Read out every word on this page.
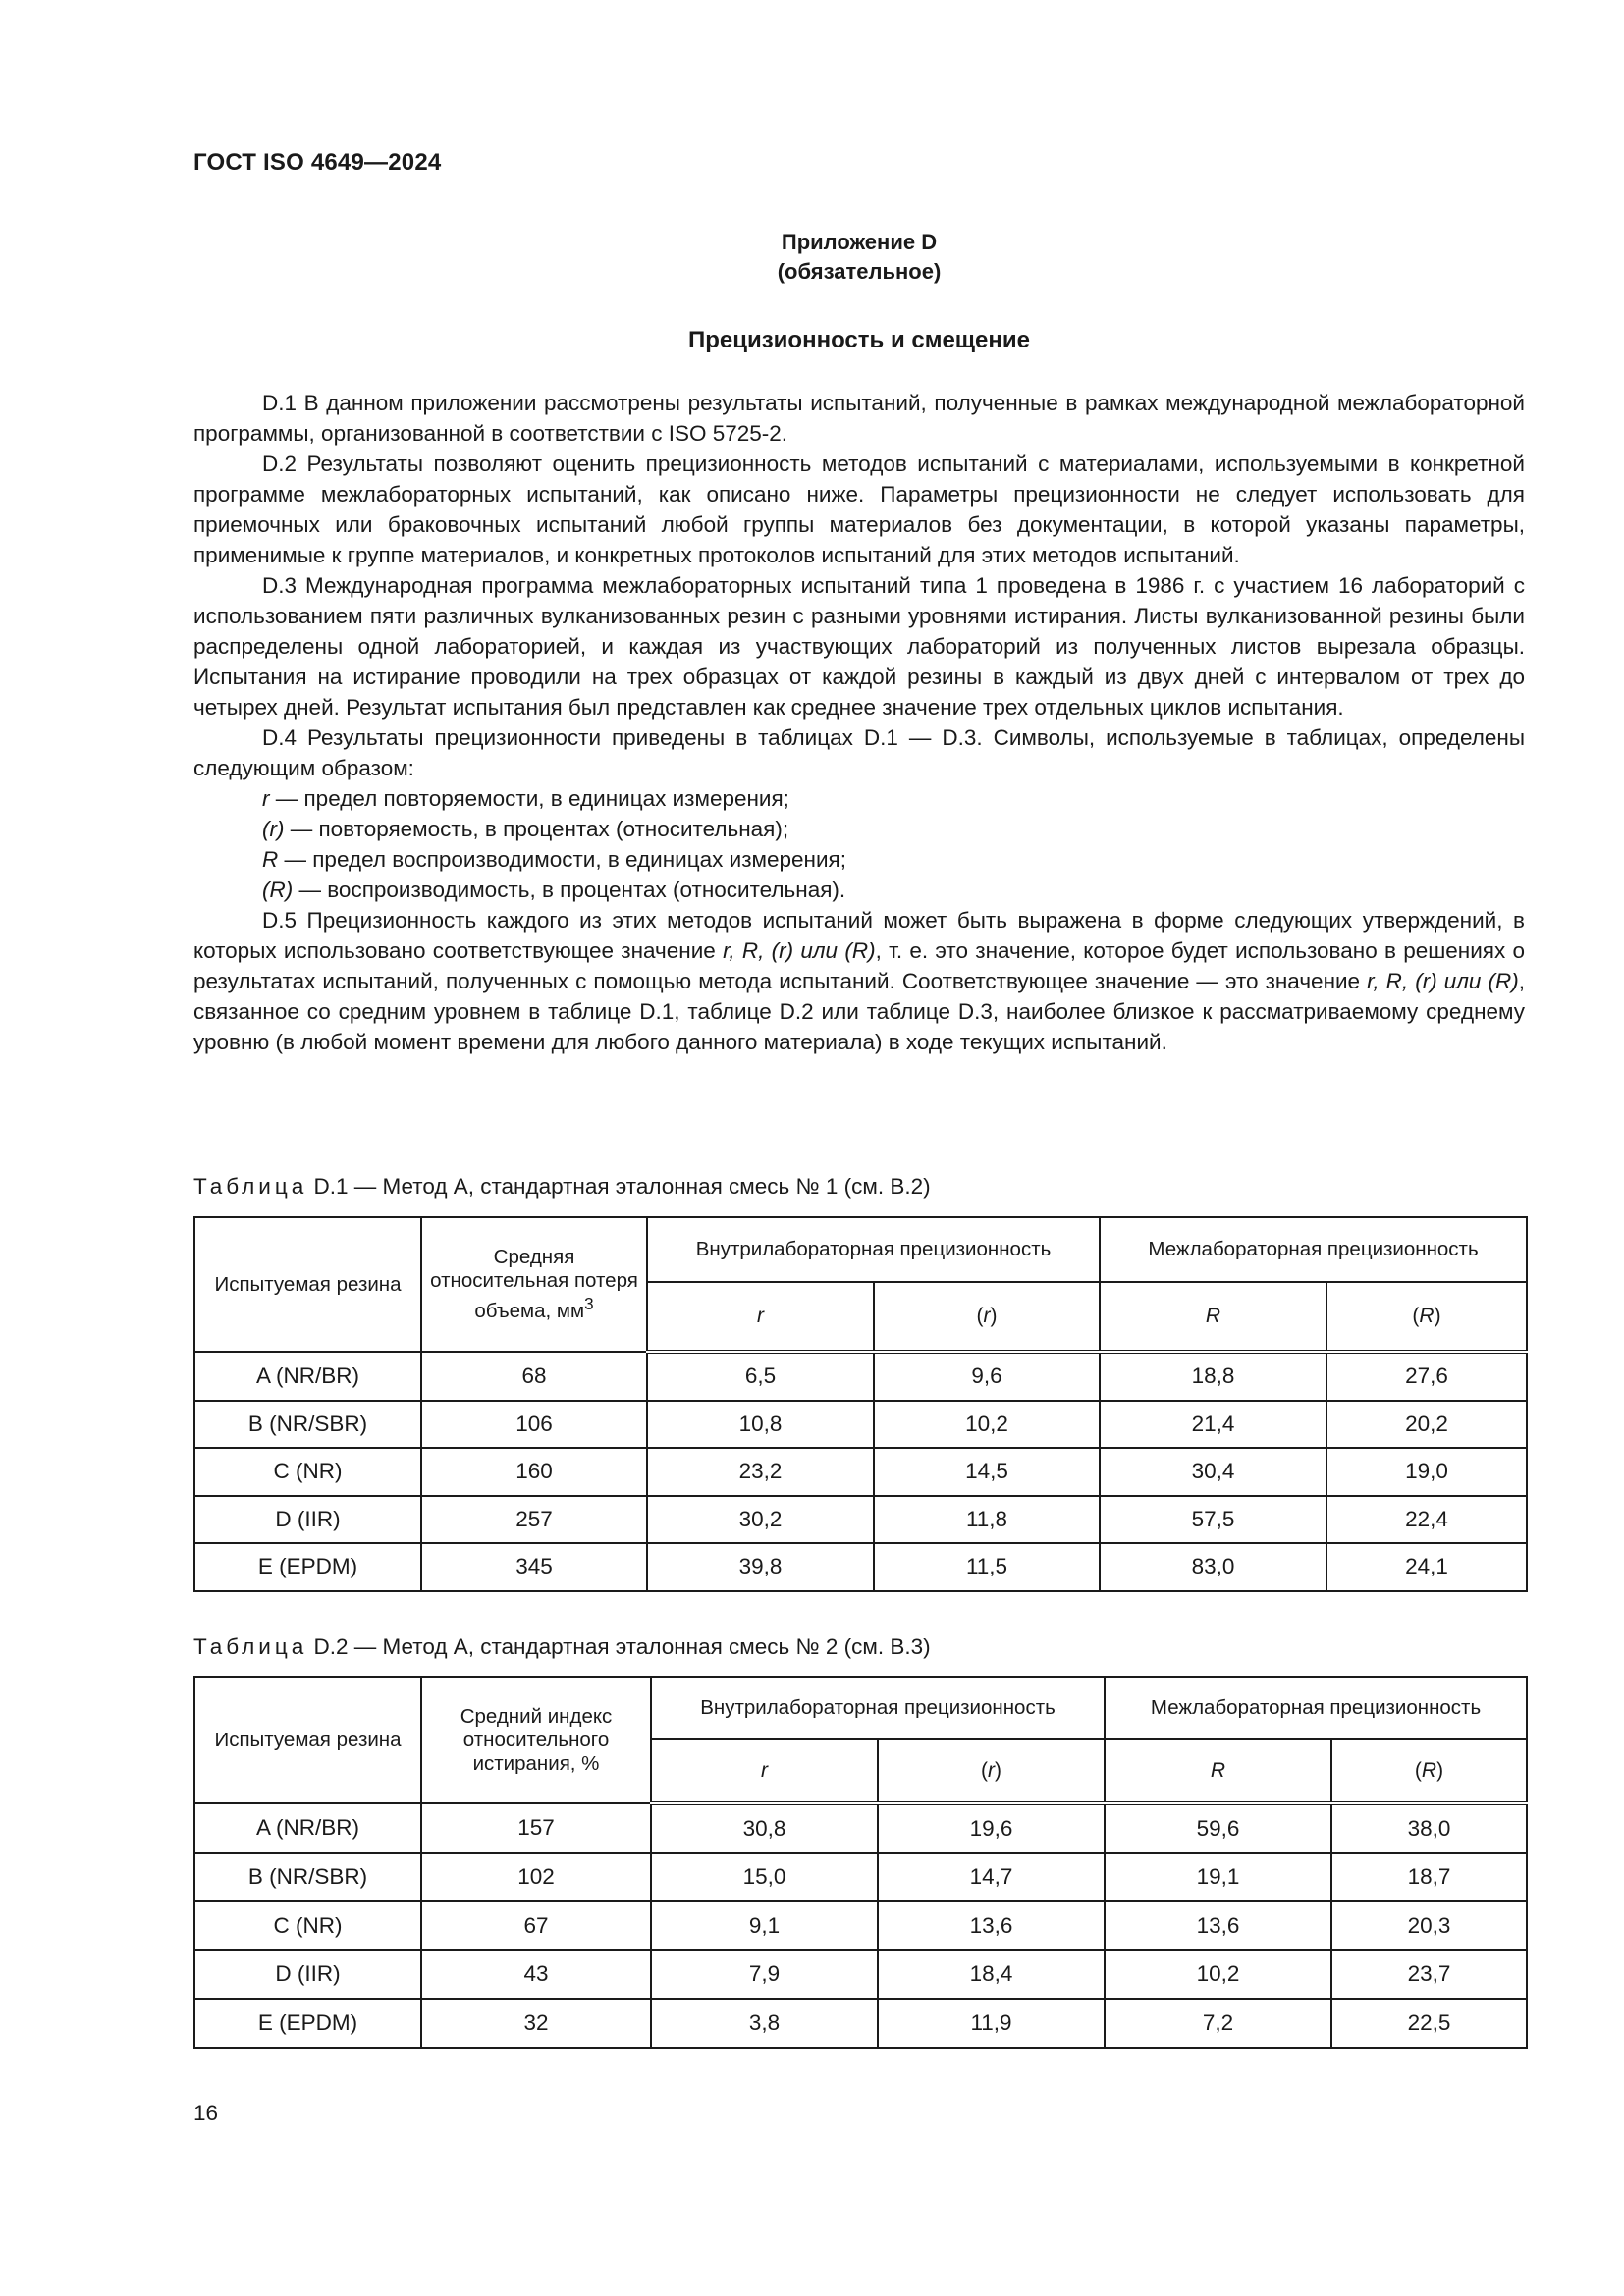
ГОСТ ISO 4649—2024
Приложение D
(обязательное)
Прецизионность и смещение

D.1 В данном приложении рассмотрены результаты испытаний, полученные в рамках международной межлабораторной программы, организованной в соответствии с ISO 5725-2.

D.2 Результаты позволяют оценить прецизионность методов испытаний с материалами, используемыми в конкретной программе межлабораторных испытаний, как описано ниже. Параметры прецизионности не следует использовать для приемочных или браковочных испытаний любой группы материалов без документации, в которой указаны параметры, применимые к группе материалов, и конкретных протоколов испытаний для этих методов испытаний.

D.3 Международная программа межлабораторных испытаний типа 1 проведена в 1986 г. с участием 16 лабораторий с использованием пяти различных вулканизованных резин с разными уровнями истирания. Листы вулканизованной резины были распределены одной лабораторией, и каждая из участвующих лабораторий из полученных листов вырезала образцы. Испытания на истирание проводили на трех образцах от каждой резины в каждый из двух дней с интервалом от трех до четырех дней. Результат испытания был представлен как среднее значение трех отдельных циклов испытания.

D.4 Результаты прецизионности приведены в таблицах D.1 — D.3. Символы, используемые в таблицах, определены следующим образом:

r — предел повторяемости, в единицах измерения;

(r) — повторяемость, в процентах (относительная);

R — предел воспроизводимости, в единицах измерения;

(R) — воспроизводимость, в процентах (относительная).

D.5 Прецизионность каждого из этих методов испытаний может быть выражена в форме следующих утверждений, в которых использовано соответствующее значение r, R, (r) или (R), т. е. это значение, которое будет использовано в решениях о результатах испытаний, полученных с помощью метода испытаний. Соответствующее значение — это значение r, R, (r) или (R), связанное со средним уровнем в таблице D.1, таблице D.2 или таблице D.3, наиболее близкое к рассматриваемому среднему уровню (в любой момент времени для любого данного материала) в ходе текущих испытаний.

Таблица D.1 — Метод А, стандартная эталонная смесь № 1 (см. В.2)
Испытуемая резина	Средняя относительная потеря объема, $мм^3$	Внутрилабораторная прецизионность		Межлабораторная прецизионность	
		r	(r)	R	(R)
A (NR/BR)	68	6,5	9,6	18,8	27,6
B (NR/SBR)	106	10,8	10,2	21,4	20,2
C (NR)	160	23,2	14,5	30,4	19,0
D (IIR)	257	30,2	11,8	57,5	22,4
E (EPDM)	345	39,8	11,5	83,0	24,1
Таблица D.2 — Метод А, стандартная эталонная смесь № 2 (см. В.3)
Испытуемая резина	Средний индекс относительного истирания, %	Внутрилабораторная прецизионность		Межлабораторная прецизионность	
		r	(r)	R	(R)
A (NR/BR)	157	30,8	19,6	59,6	38,0
B (NR/SBR)	102	15,0	14,7	19,1	18,7
C (NR)	67	9,1	13,6	13,6	20,3
D (IIR)	43	7,9	18,4	10,2	23,7
E (EPDM)	32	3,8	11,9	7,2	22,5
16
